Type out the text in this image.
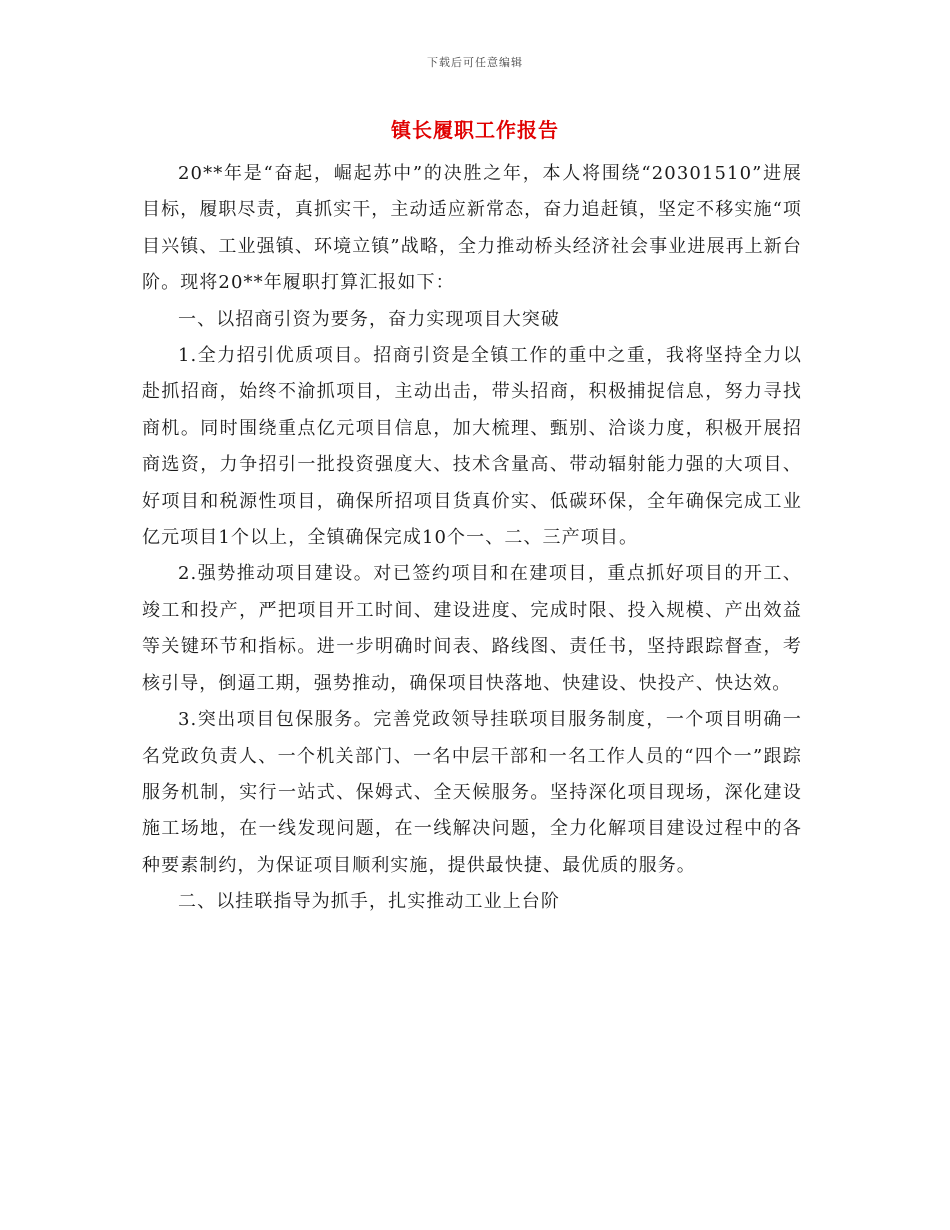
下载后可任意编辑
镇长履职工作报告

20**年是“奋起，崛起苏中”的决胜之年，本人将围绕“20301510”进展目标，履职尽责，真抓实干，主动适应新常态，奋力追赶镇，坚定不移实施“项目兴镇、工业强镇、环境立镇”战略，全力推动桥头经济社会事业进展再上新台阶。现将20**年履职打算汇报如下：

一、以招商引资为要务，奋力实现项目大突破

1.全力招引优质项目。招商引资是全镇工作的重中之重，我将坚持全力以赴抓招商，始终不渝抓项目，主动出击，带头招商，积极捕捉信息，努力寻找商机。同时围绕重点亿元项目信息，加大梳理、甄别、洽谈力度，积极开展招商选资，力争招引一批投资强度大、技术含量高、带动辐射能力强的大项目、好项目和税源性项目，确保所招项目货真价实、低碳环保，全年确保完成工业亿元项目1个以上，全镇确保完成10个一、二、三产项目。

2.强势推动项目建设。对已签约项目和在建项目，重点抓好项目的开工、竣工和投产，严把项目开工时间、建设进度、完成时限、投入规模、产出效益等关键环节和指标。进一步明确时间表、路线图、责任书，坚持跟踪督查，考核引导，倒逼工期，强势推动，确保项目快落地、快建设、快投产、快达效。

3.突出项目包保服务。完善党政领导挂联项目服务制度，一个项目明确一名党政负责人、一个机关部门、一名中层干部和一名工作人员的“四个一”跟踪服务机制，实行一站式、保姆式、全天候服务。坚持深化项目现场，深化建设施工场地，在一线发现问题，在一线解决问题，全力化解项目建设过程中的各种要素制约，为保证项目顺利实施，提供最快捷、最优质的服务。

二、以挂联指导为抓手，扎实推动工业上台阶
